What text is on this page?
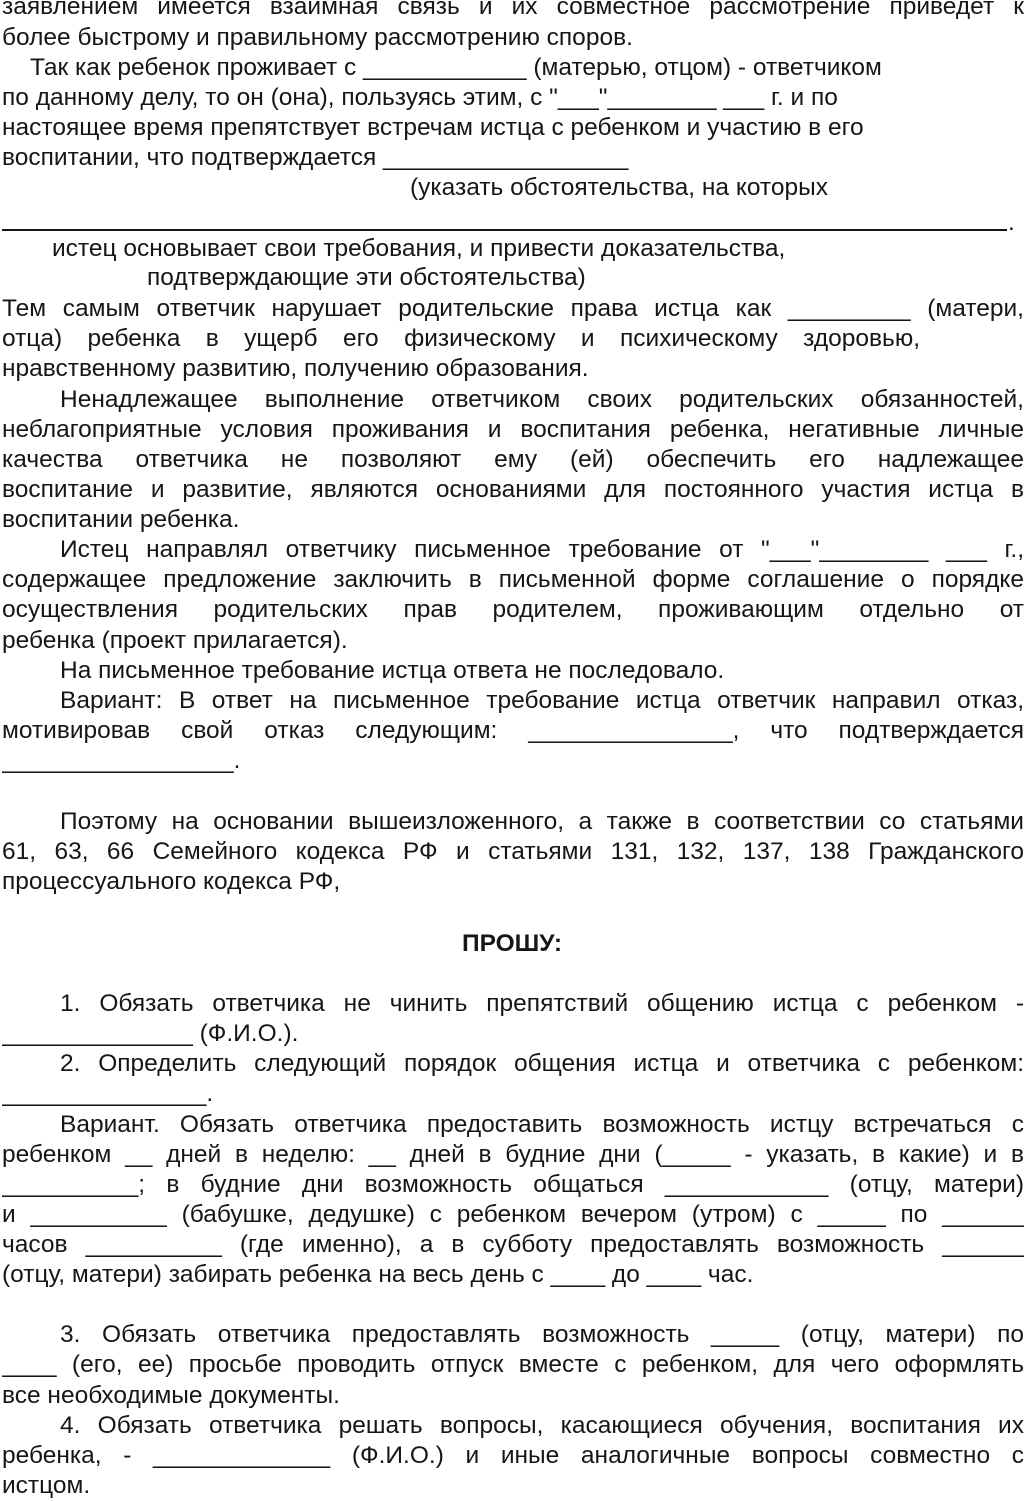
заявлением имеется взаимная связь и их совместное рассмотрение приведет к
более быстрому и правильному рассмотрению споров.
Так как ребенок проживает с ____________ (матерью, отцом) - ответчиком
по данному делу, то он (она), пользуясь этим, с "___"________ ___ г. и по
настоящее время препятствует встречам истца с ребенком и участию в его
воспитании, что подтверждается __________________
(указать обстоятельства, на которых
.
истец основывает свои требования, и привести доказательства,
подтверждающие эти обстоятельства)
Тем самым ответчик нарушает родительские права истца как _________ (матери,
отца) ребенка в ущерб его физическому и психическому здоровью,
нравственному развитию, получению образования.
Ненадлежащее выполнение ответчиком своих родительских обязанностей,
неблагоприятные условия проживания и воспитания ребенка, негативные личные
качества ответчика не позволяют ему (ей) обеспечить его надлежащее
воспитание и развитие, являются основаниями для постоянного участия истца в
воспитании ребенка.
Истец направлял ответчику письменное требование от "___"________ ___ г.,
содержащее предложение заключить в письменной форме соглашение о порядке
осуществления родительских прав родителем, проживающим отдельно от
ребенка (проект прилагается).
На письменное требование истца ответа не последовало.
Вариант: В ответ на письменное требование истца ответчик направил отказ,
мотивировав свой отказ следующим: _______________, что подтверждается
_________________.
Поэтому на основании вышеизложенного, а также в соответствии со статьями
61, 63, 66 Семейного кодекса РФ и статьями 131, 132, 137, 138 Гражданского
процессуального кодекса РФ,
ПРОШУ:
1. Обязать ответчика не чинить препятствий общению истца с ребенком -
______________ (Ф.И.О.).
2. Определить следующий порядок общения истца и ответчика с ребенком:
_______________.
Вариант. Обязать ответчика предоставить возможность истцу встречаться с
ребенком __ дней в неделю: __ дней в будние дни (_____ - указать, в какие) и в
__________; в будние дни возможность общаться ____________ (отцу, матери)
и __________ (бабушке, дедушке) с ребенком вечером (утром) с _____ по ______
часов __________ (где именно), а в субботу предоставлять возможность ______
(отцу, матери) забирать ребенка на весь день с ____ до ____ час.
3. Обязать ответчика предоставлять возможность _____ (отцу, матери) по
____ (его, ее) просьбе проводить отпуск вместе с ребенком, для чего оформлять
все необходимые документы.
4. Обязать ответчика решать вопросы, касающиеся обучения, воспитания их
ребенка, - _____________ (Ф.И.О.) и иные аналогичные вопросы совместно с
истцом.
